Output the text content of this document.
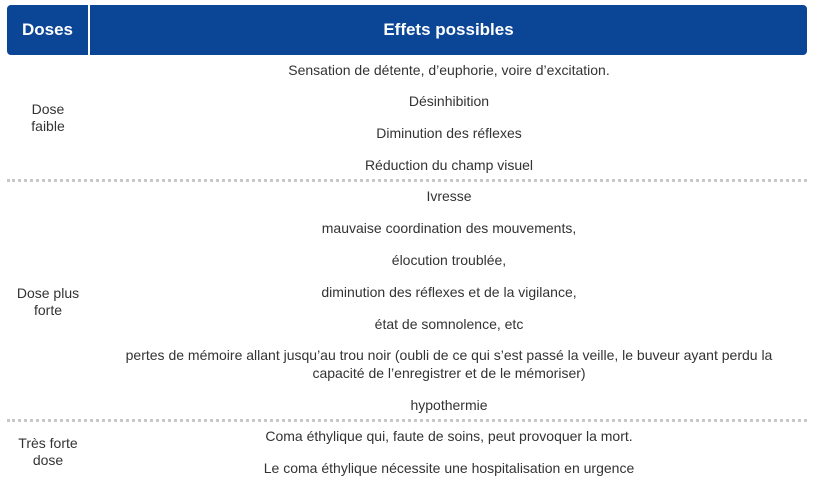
Doses	Effets possibles
Dose
faible
Sensation de détente, d’euphorie, voire d’excitation.
Désinhibition
Diminution des réflexes
Réduction du champ visuel
Dose plus
forte
Ivresse
mauvaise coordination des mouvements,
élocution troublée,
diminution des réflexes et de la vigilance,
état de somnolence, etc
pertes de mémoire allant jusqu’au trou noir (oubli de ce qui s’est passé la veille, le buveur ayant perdu la
capacité de l’enregistrer et de le mémoriser)
hypothermie
Très forte
dose
Coma éthylique qui, faute de soins, peut provoquer la mort.
Le coma éthylique nécessite une hospitalisation en urgence
